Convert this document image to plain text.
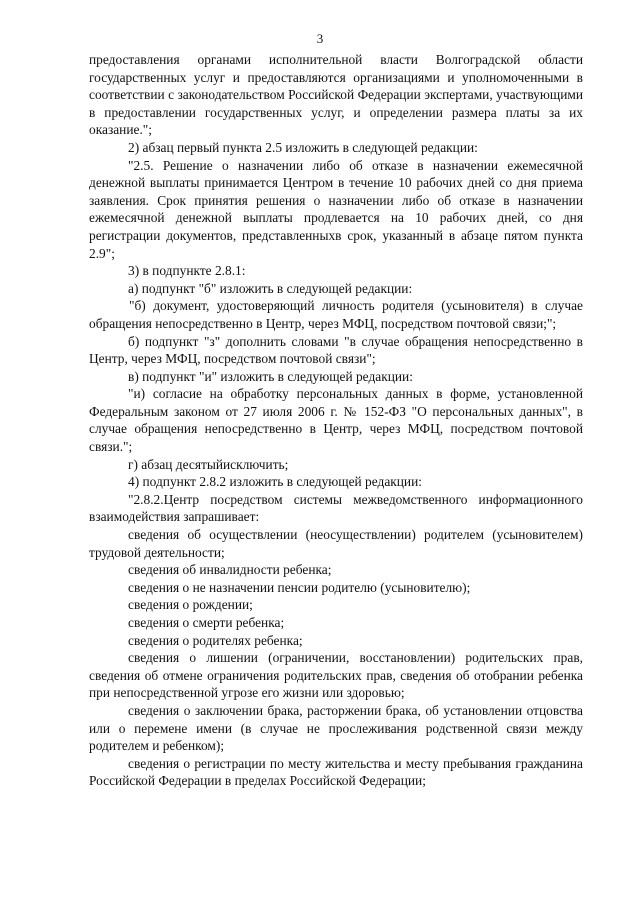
3

предоставления органами исполнительной власти Волгоградской области государственных услуг и предоставляются организациями и уполномоченными в соответствии с законодательством Российской Федерации экспертами, участвующими в предоставлении государственных услуг, и определении размера платы за их оказание.";

2) абзац первый пункта 2.5 изложить в следующей редакции:

"2.5. Решение о назначении либо об отказе в назначении ежемесячной денежной выплаты принимается Центром в течение 10 рабочих дней со дня приема заявления. Срок принятия решения о назначении либо об отказе в назначении ежемесячной денежной выплаты продлевается на 10 рабочих дней, со дня регистрации документов, представленныхв срок, указанный в абзаце пятом пункта 2.9";

3) в подпункте 2.8.1:

а) подпункт "б" изложить в следующей редакции:

"б) документ, удостоверяющий личность родителя (усыновителя) в случае обращения непосредственно в Центр, через МФЦ, посредством почтовой связи;";

б) подпункт "з" дополнить словами "в случае обращения непосредственно в Центр, через МФЦ, посредством почтовой связи";

в) подпункт "и" изложить в следующей редакции:

"и) согласие на обработку персональных данных в форме, установленной Федеральным законом от 27 июля 2006 г. № 152-ФЗ "О персональных данных", в случае обращения непосредственно в Центр, через МФЦ, посредством почтовой связи.";

г) абзац десятыйисключить;

4) подпункт 2.8.2 изложить в следующей редакции:

"2.8.2.Центр посредством системы межведомственного информационного взаимодействия запрашивает:

сведения об осуществлении (неосуществлении) родителем (усыновителем) трудовой деятельности;

сведения об инвалидности ребенка;

сведения о не назначении пенсии родителю (усыновителю);

сведения о рождении;

сведения о смерти ребенка;

сведения о родителях ребенка;

сведения о лишении (ограничении, восстановлении) родительских прав, сведения об отмене ограничения родительских прав, сведения об отобрании ребенка при непосредственной угрозе его жизни или здоровью;

сведения о заключении брака, расторжении брака, об установлении отцовства или о перемене имени (в случае не прослеживания родственной связи между родителем и ребенком);

сведения о регистрации по месту жительства и месту пребывания гражданина Российской Федерации в пределах Российской Федерации;
